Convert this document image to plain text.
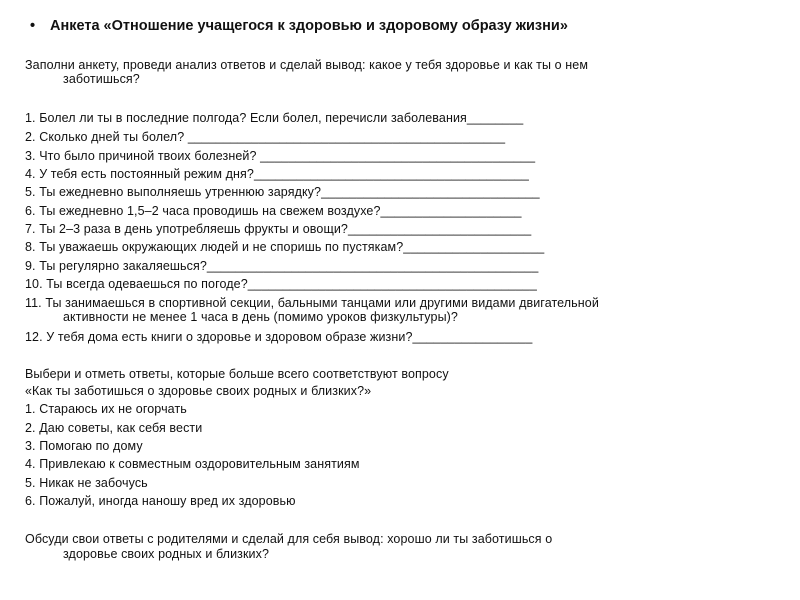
• Анкета «Отношение учащегося к здоровью и здоровому образу жизни»
Заполни анкету, проведи анализ ответов и сделай вывод: какое у тебя здоровье и как ты о нем
заботишься?
1. Болел ли ты в последние полгода? Если болел, перечисли заболевания________
2. Сколько дней ты болел? _____________________________________________
3. Что было причиной твоих болезней? _______________________________________
4. У тебя есть постоянный режим дня?_______________________________________
5. Ты ежедневно выполняешь утреннюю зарядку?_______________________________
6. Ты ежедневно 1,5–2 часа проводишь на свежем воздухе?____________________
7. Ты 2–3 раза в день употребляешь фрукты и овощи?__________________________
8. Ты уважаешь окружающих людей и не споришь по пустякам?____________________
9. Ты регулярно закаляешься?_______________________________________________
10. Ты всегда одеваешься по погоде?_________________________________________
11. Ты занимаешься в спортивной секции, бальными танцами или другими видами двигательной
активности не менее 1 часа в день (помимо уроков физкультуры)?
12. У тебя дома есть книги о здоровье и здоровом образе жизни?_________________
Выбери и отметь ответы, которые больше всего соответствуют вопросу
«Как ты заботишься о здоровье своих родных и близких?»
1. Стараюсь их не огорчать
2. Даю советы, как себя вести
3. Помогаю по дому
4. Привлекаю к совместным оздоровительным занятиям
5. Никак не забочусь
6. Пожалуй, иногда наношу вред их здоровью
Обсуди свои ответы с родителями и сделай для себя вывод: хорошо ли ты заботишься о
здоровье своих родных и близких?
